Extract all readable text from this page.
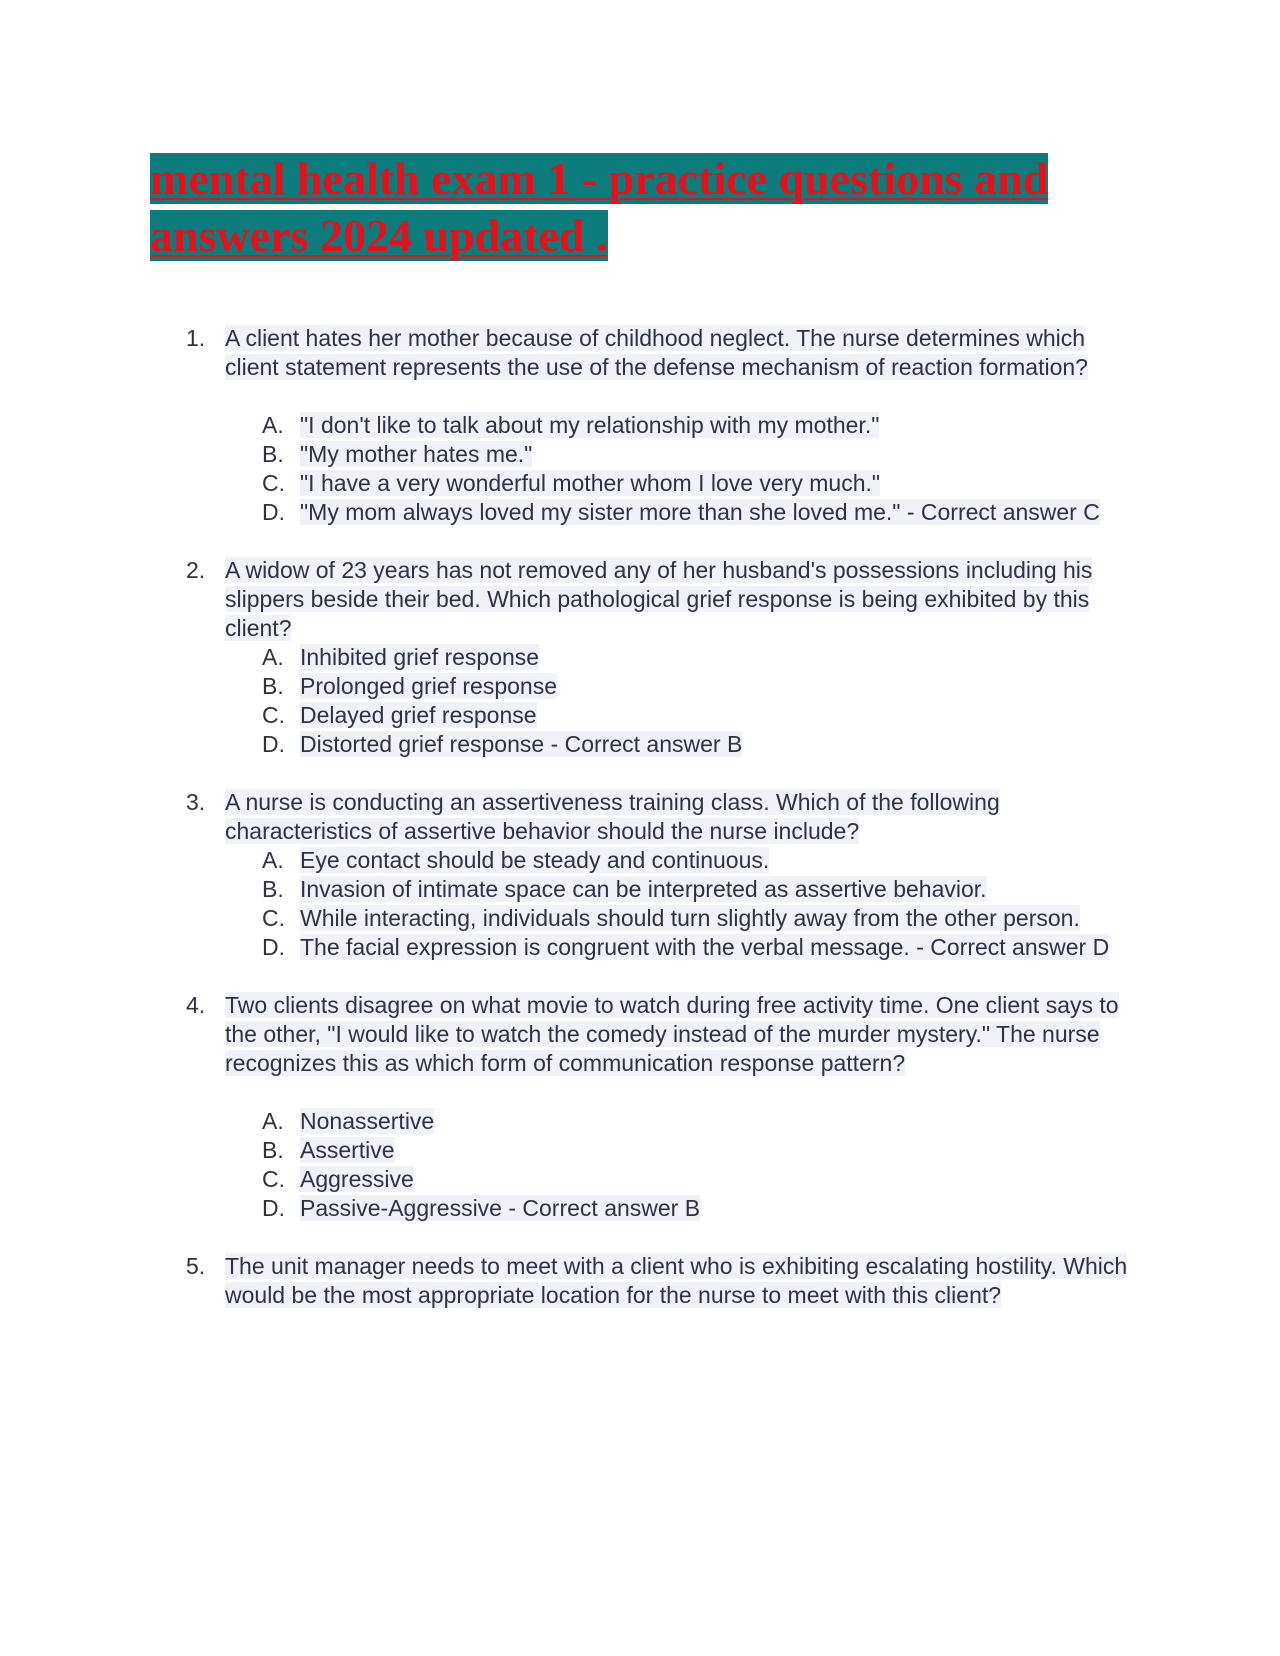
mental health exam 1 - practice questions and answers 2024 updated .
1. A client hates her mother because of childhood neglect. The nurse determines which client statement represents the use of the defense mechanism of reaction formation?
A. "I don't like to talk about my relationship with my mother."
B. "My mother hates me."
C. "I have a very wonderful mother whom I love very much."
D. "My mom always loved my sister more than she loved me." - Correct answer C
2. A widow of 23 years has not removed any of her husband's possessions including his slippers beside their bed. Which pathological grief response is being exhibited by this client?
A. Inhibited grief response
B. Prolonged grief response
C. Delayed grief response
D. Distorted grief response - Correct answer B
3. A nurse is conducting an assertiveness training class. Which of the following characteristics of assertive behavior should the nurse include?
A. Eye contact should be steady and continuous.
B. Invasion of intimate space can be interpreted as assertive behavior.
C. While interacting, individuals should turn slightly away from the other person.
D. The facial expression is congruent with the verbal message. - Correct answer D
4. Two clients disagree on what movie to watch during free activity time. One client says to the other, "I would like to watch the comedy instead of the murder mystery." The nurse recognizes this as which form of communication response pattern?
A. Nonassertive
B. Assertive
C. Aggressive
D. Passive-Aggressive - Correct answer B
5. The unit manager needs to meet with a client who is exhibiting escalating hostility. Which would be the most appropriate location for the nurse to meet with this client?
